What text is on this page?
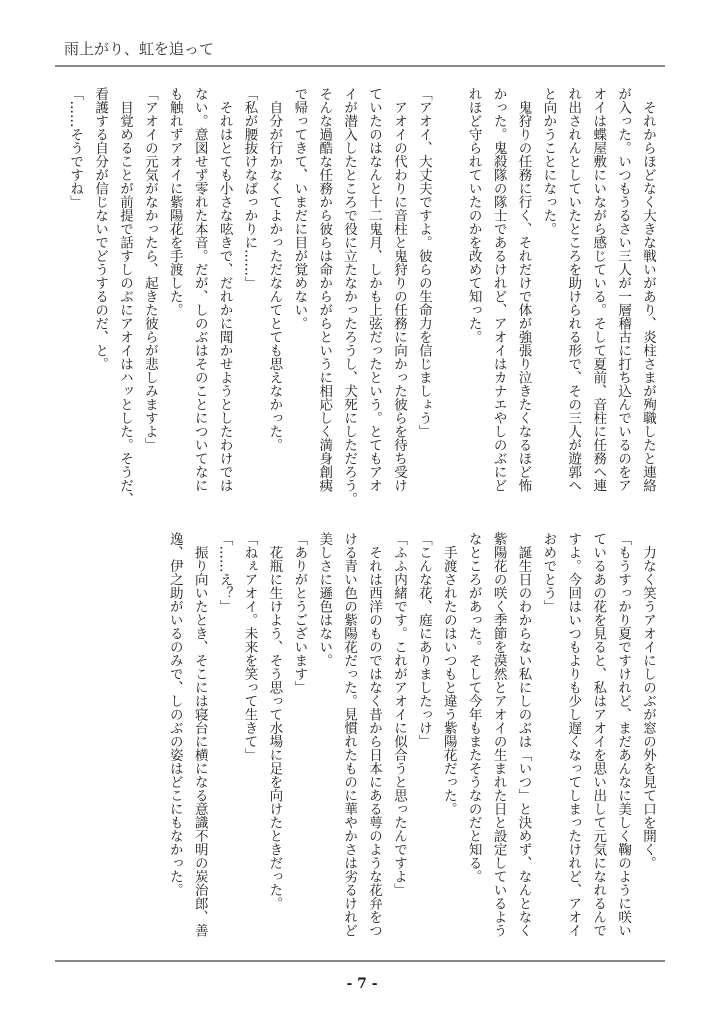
雨上がり、虹を追って
　それからほどなく大きな戦いがあり、炎柱さまが殉職したと連絡
が入った。いつもうるさい三人が一層稽古に打ち込んでいるのをア
オイは蝶屋敷にいながら感じている。そして夏前、音柱に任務へ連
れ出されんとしていたところを助けられる形で、その三人が遊郭へ
と向かうことになった。
　鬼狩りの任務に行く、それだけで体が強張り泣きたくなるほど怖
かった。鬼殺隊の隊士であるけれど、アオイはカナエやしのぶにど
れほど守られていたのかを改めて知った。

「アオイ、大丈夫ですよ。彼らの生命力を信じましょう」
　アオイの代わりに音柱と鬼狩りの任務に向かった彼らを待ち受け
ていたのはなんと十二鬼月、しかも上弦だったという。とてもアオ
イが潜入したところで役に立たなかったろうし、犬死にしただろう。
そんな過酷な任務から彼らは命からがらというに相応しく満身創痍
で帰ってきて、いまだに目が覚めない。
　自分が行かなくてよかっただなんてとても思えなかった。
「私が腰抜けなばっかりに……」
　それはとても小さな呟きで、だれかに聞かせようとしたわけでは
ない。意図せず零れた本音。だが、しのぶはそのことについてなに
も触れずアオイに紫陽花を手渡した。
「アオイの元気がなかったら、起きた彼らが悲しみますよ」
　目覚めることが前提で話すしのぶにアオイはハッとした。そうだ、
看護する自分が信じないでどうするのだ、と。
「……そうですね」
　力なく笑うアオイにしのぶが窓の外を見て口を開く。
「もうすっかり夏ですけれど、まだあんなに美しく鞠のように咲い
ているあの花を見ると、私はアオイを思い出して元気になれるんで
すよ。今回はいつもよりも少し遅くなってしまったけれど、アオイ
おめでとう」
　誕生日のわからない私にしのぶは「いつ」と決めず、なんとなく
紫陽花の咲く季節を漠然とアオイの生まれた日と設定しているよう
なところがあった。そして今年もまたそうなのだと知る。
　手渡されたのはいつもと違う紫陽花だった。
「こんな花、庭にありましたっけ」
「ふふ内緒です。これがアオイに似合うと思ったんですよ」
　それは西洋のものではなく昔から日本にある萼のような花弁をつ
ける青い色の紫陽花だった。見慣れたものに華やかさは劣るけれど
美しさに遜色はない。
「ありがとうございます」
　花瓶に生けよう、そう思って水場に足を向けたときだった。
「ねぇアオイ。未来を笑って生きて」
「……え？」
　振り向いたとき、そこには寝台に横になる意識不明の炭治郎、善
逸、伊之助がいるのみで、しのぶの姿はどこにもなかった。
- 7 -
